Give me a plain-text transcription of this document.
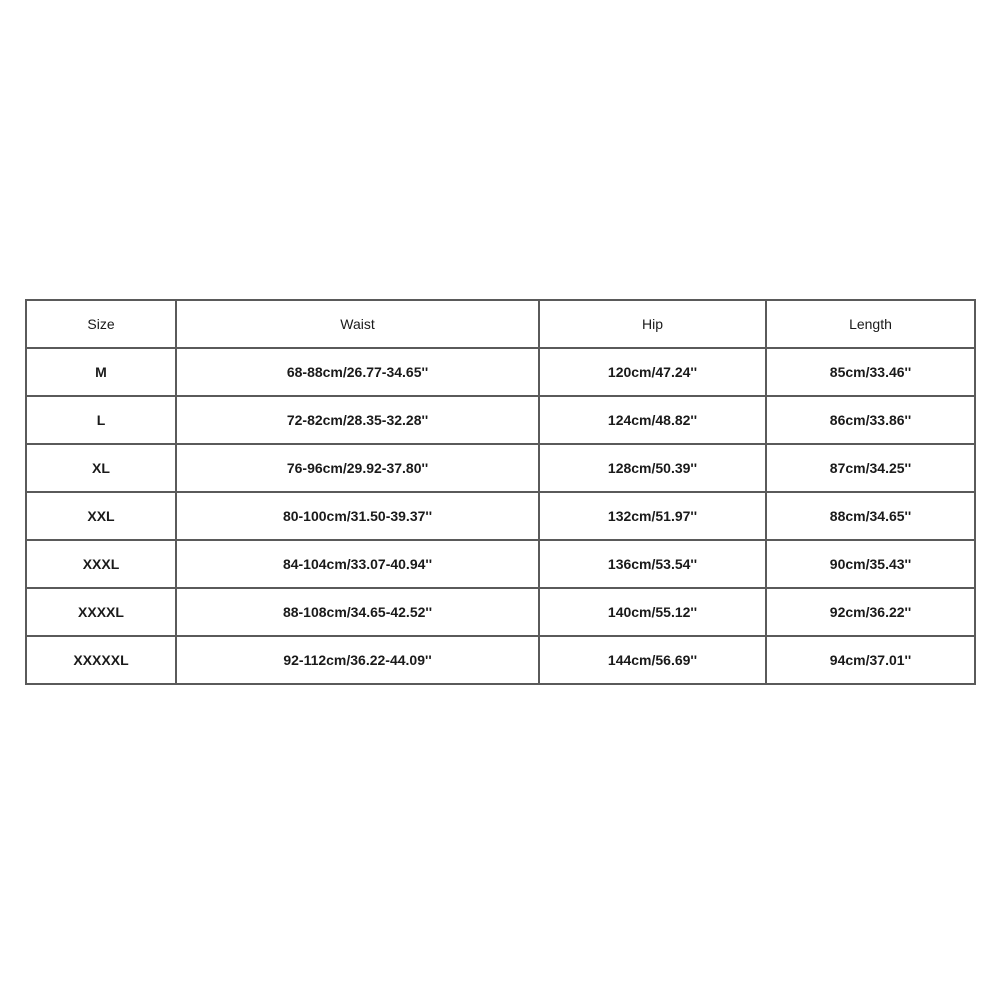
Size	Waist	Hip	Length
M	68-88cm/26.77-34.65''	120cm/47.24''	85cm/33.46''
L	72-82cm/28.35-32.28''	124cm/48.82''	86cm/33.86''
XL	76-96cm/29.92-37.80''	128cm/50.39''	87cm/34.25''
XXL	80-100cm/31.50-39.37''	132cm/51.97''	88cm/34.65''
XXXL	84-104cm/33.07-40.94''	136cm/53.54''	90cm/35.43''
XXXXL	88-108cm/34.65-42.52''	140cm/55.12''	92cm/36.22''
XXXXXL	92-112cm/36.22-44.09''	144cm/56.69''	94cm/37.01''
